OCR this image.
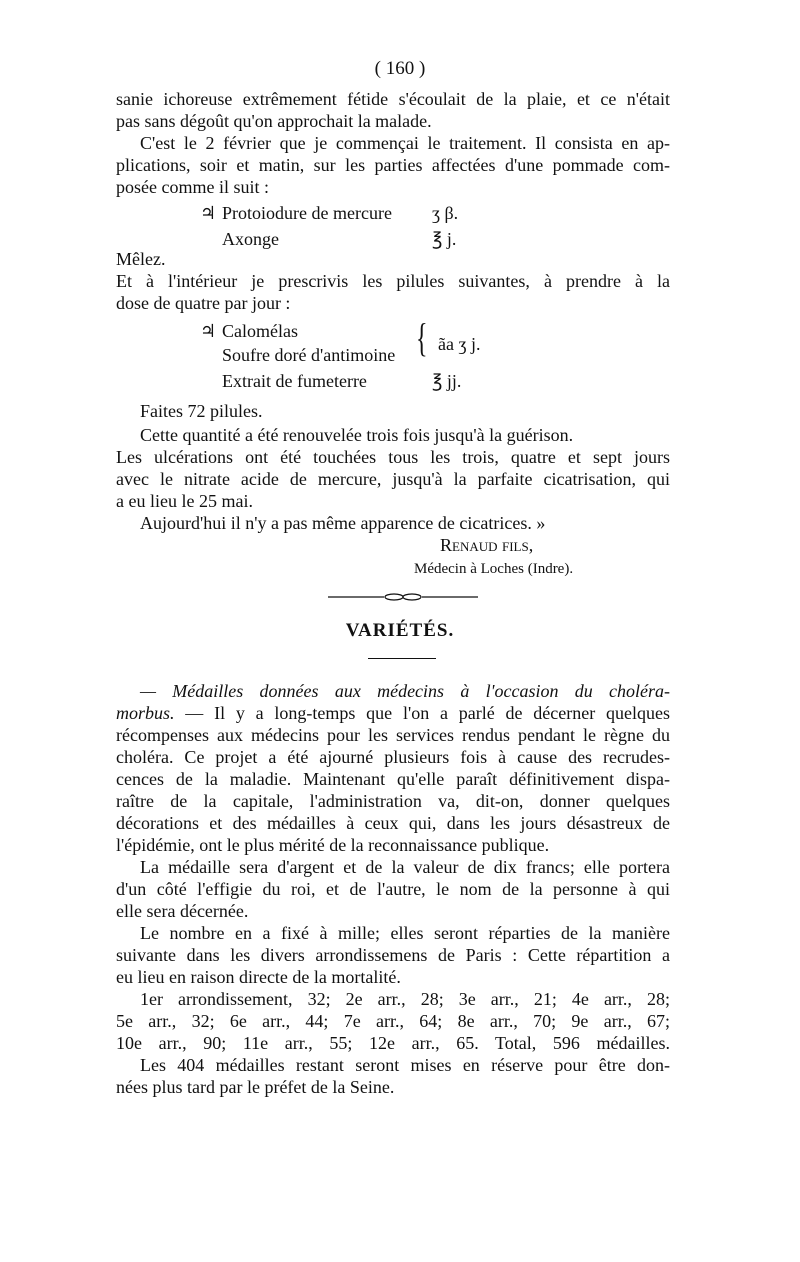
( 160 )
sanie ichoreuse extrêmement fétide s'écoulait de la plaie, et ce n'était
pas sans dégoût qu'on approchait la malade.
C'est le 2 février que je commençai le traitement. Il consista en ap-
plications, soir et matin, sur les parties affectées d'une pommade com-
posée comme il suit :
♃ Protoiodure de mercure ʒ β.
Axonge	℥ j.
Mêlez.
Et à l'intérieur je prescrivis les pilules suivantes, à prendre à la
dose de quatre par jour :
♃ Calomélas
Soufre doré d'antimoine { ãa ʒ j.
Extrait de fumeterre	℥ jj.
Faites 72 pilules.
Cette quantité a été renouvelée trois fois jusqu'à la guérison.
Les ulcérations ont été touchées tous les trois, quatre et sept jours
avec le nitrate acide de mercure, jusqu'à la parfaite cicatrisation, qui
a eu lieu le 25 mai.
Aujourd'hui il n'y a pas même apparence de cicatrices. »
Renaud fils,
Médecin à Loches (Indre).
VARIÉTÉS.
— Médailles données aux médecins à l'occasion du choléra-
morbus. — Il y a long-temps que l'on a parlé de décerner quelques
récompenses aux médecins pour les services rendus pendant le règne du
choléra. Ce projet a été ajourné plusieurs fois à cause des recrudes-
cences de la maladie. Maintenant qu'elle paraît définitivement dispa-
raître de la capitale, l'administration va, dit-on, donner quelques
décorations et des médailles à ceux qui, dans les jours désastreux de
l'épidémie, ont le plus mérité de la reconnaissance publique.
La médaille sera d'argent et de la valeur de dix francs; elle portera
d'un côté l'effigie du roi, et de l'autre, le nom de la personne à qui
elle sera décernée.
Le nombre en a fixé à mille; elles seront réparties de la manière
suivante dans les divers arrondissemens de Paris : Cette répartition a
eu lieu en raison directe de la mortalité.
1er arrondissement, 32; 2e arr., 28; 3e arr., 21; 4e arr., 28;
5e arr., 32; 6e arr., 44; 7e arr., 64; 8e arr., 70; 9e arr., 67;
10e arr., 90; 11e arr., 55; 12e arr., 65. Total, 596 médailles.
Les 404 médailles restant seront mises en réserve pour être don-
nées plus tard par le préfet de la Seine.
